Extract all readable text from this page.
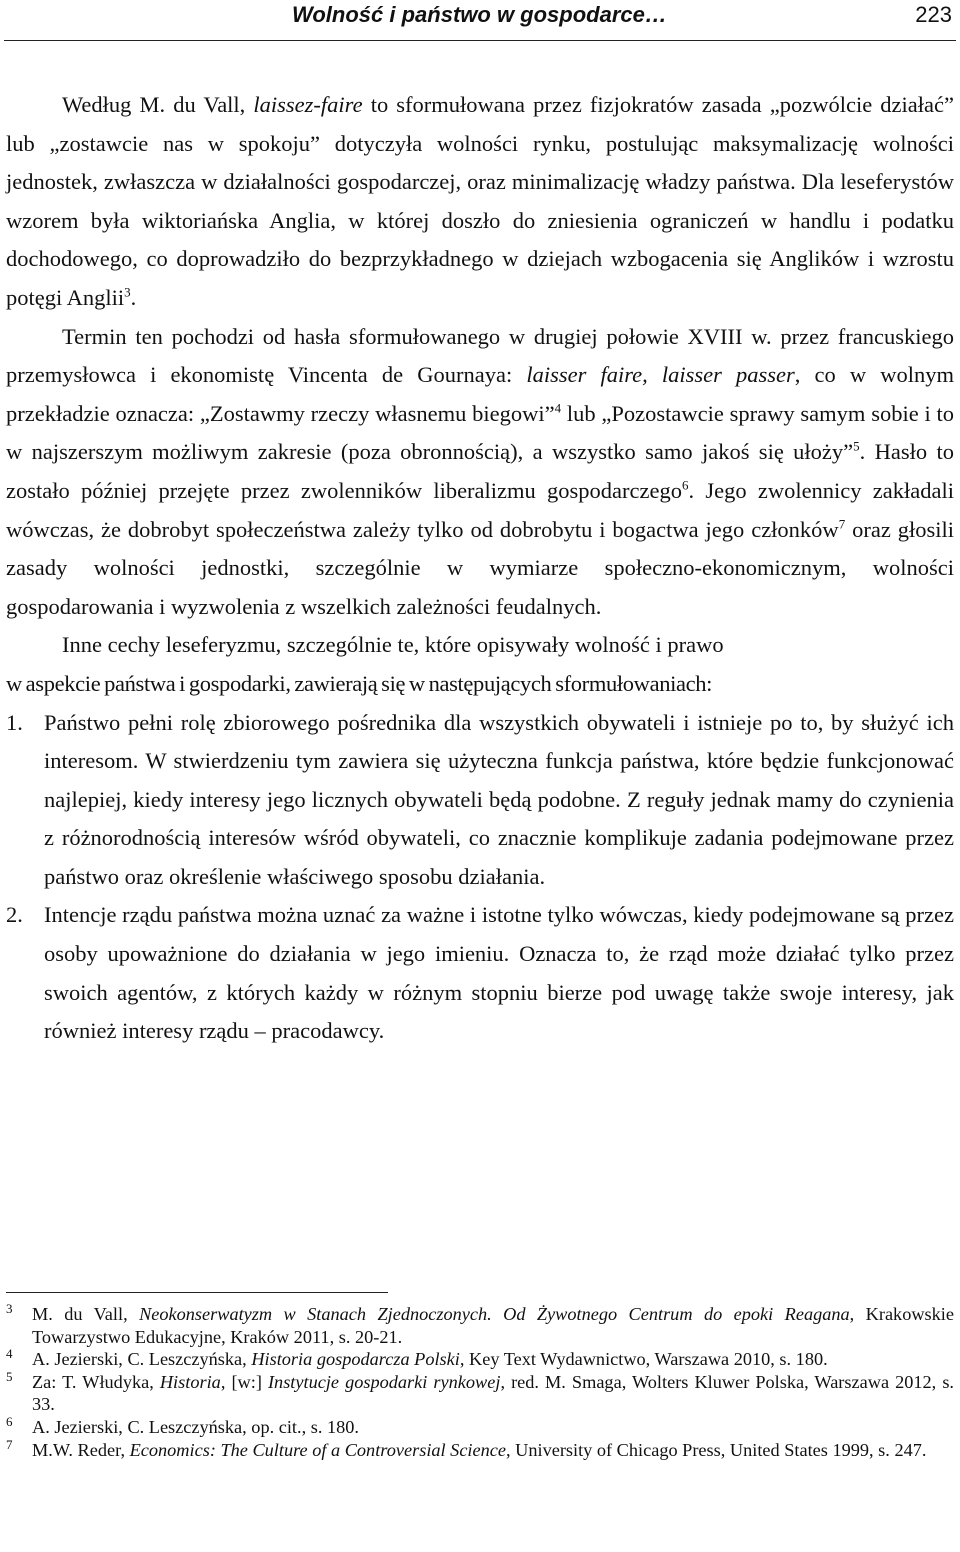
Wolność i państwo w gospodarce…	223

Według M. du Vall, laissez-faire to sformułowana przez fizjokratów zasada „pozwólcie działać” lub „zostawcie nas w spokoju” dotyczyła wolności rynku, postulując maksymalizację wolności jednostek, zwłaszcza w działalności gospodarczej, oraz minimalizację władzy państwa. Dla leseferystów wzorem była wiktoriańska Anglia, w której doszło do zniesienia ograniczeń w handlu i podatku dochodowego, co doprowadziło do bezprzykładnego w dziejach wzbogacenia się Anglików i wzrostu potęgi Anglii$^3$.

Termin ten pochodzi od hasła sformułowanego w drugiej połowie XVIII w. przez francuskiego przemysłowca i ekonomistę Vincenta de Gournaya: laisser faire, laisser passer, co w wolnym przekładzie oznacza: „Zostawmy rzeczy własnemu biegowi”$^4$ lub „Pozostawcie sprawy samym sobie i to w najszerszym możliwym zakresie (poza obronnością), a wszystko samo jakoś się ułoży”$^5$. Hasło to zostało później przejęte przez zwolenników liberalizmu gospodarczego$^6$. Jego zwolennicy zakładali wówczas, że dobrobyt społeczeństwa zależy tylko od dobrobytu i bogactwa jego członków$^7$ oraz głosili zasady wolności jednostki, szczególnie w wymiarze społeczno-ekonomicznym, wolności gospodarowania i wyzwolenia z wszelkich zależności feudalnych.

Inne cechy leseferyzmu, szczególnie te, które opisywały wolność i prawo
w aspekcie państwa i gospodarki, zawierają się w następujących sformułowaniach:

1. Państwo pełni rolę zbiorowego pośrednika dla wszystkich obywateli i istnieje po to, by służyć ich interesom. W stwierdzeniu tym zawiera się użyteczna funkcja państwa, które będzie funkcjonować najlepiej, kiedy interesy jego licznych obywateli będą podobne. Z reguły jednak mamy do czynienia z różnorodnością interesów wśród obywateli, co znacznie komplikuje zadania podejmowane przez państwo oraz określenie właściwego sposobu działania.
2. Intencje rządu państwa można uznać za ważne i istotne tylko wówczas, kiedy podejmowane są przez osoby upoważnione do działania w jego imieniu. Oznacza to, że rząd może działać tylko przez swoich agentów, z których każdy w różnym stopniu bierze pod uwagę także swoje interesy, jak również interesy rządu – pracodawcy.
3 M. du Vall, Neokonserwatyzm w Stanach Zjednoczonych. Od Żywotnego Centrum do epoki Reagana, Krakowskie Towarzystwo Edukacyjne, Kraków 2011, s. 20-21.
4 A. Jezierski, C. Leszczyńska, Historia gospodarcza Polski, Key Text Wydawnictwo, Warszawa 2010, s. 180.
5 Za: T. Włudyka, Historia, [w:] Instytucje gospodarki rynkowej, red. M. Smaga, Wolters Kluwer Polska, Warszawa 2012, s. 33.
6 A. Jezierski, C. Leszczyńska, op. cit., s. 180.
7 M.W. Reder, Economics: The Culture of a Controversial Science, University of Chicago Press, United States 1999, s. 247.
